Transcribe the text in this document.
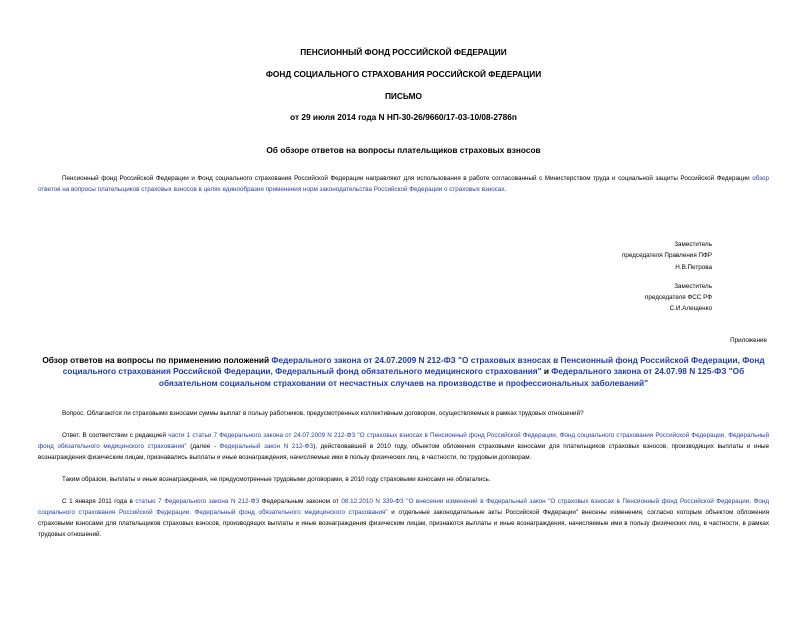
ПЕНСИОННЫЙ ФОНД РОССИЙСКОЙ ФЕДЕРАЦИИ
ФОНД СОЦИАЛЬНОГО СТРАХОВАНИЯ РОССИЙСКОЙ ФЕДЕРАЦИИ
ПИСЬМО
от 29 июля 2014 года N НП-30-26/9660/17-03-10/08-2786п
Об обзоре ответов на вопросы плательщиков страховых взносов

Пенсионный фонд Российской Федерации и Фонд социального страхования Российской Федерации направляют для использования в работе согласованный с Министерством труда и социальной защиты Российской Федерации обзор ответов на вопросы плательщиков страховых взносов в целях единообразия применения норм законодательства Российской Федерации о страховых взносах.

Заместитель
председателя Правления ПФР
Н.В.Петрова
Заместитель
председателя ФСС РФ
С.И.Алещенко
Приложение
Обзор ответов на вопросы по применению положений Федерального закона от 24.07.2009 N 212-ФЗ "О страховых взносах в Пенсионный фонд Российской Федерации, Фонд социального страхования Российской Федерации, Федеральный фонд обязательного медицинского страхования" и Федерального закона от 24.07.98 N 125-ФЗ "Об обязательном социальном страховании от несчастных случаев на производстве и профессиональных заболеваний"

Вопрос. Облагаются ли страховыми взносами суммы выплат в пользу работников, предусмотренных коллективным договором, осуществляемых в рамках трудовых отношений?

Ответ. В соответствии с редакцией части 1 статьи 7 Федерального закона от 24.07.2009 N 212-ФЗ "О страховых взносах в Пенсионный фонд Российской Федерации, Фонд социального страхования Российской Федерации, Федеральный фонд обязательного медицинского страхования" (далее - Федеральный закон N 212-ФЗ), действовавшей в 2010 году, объектом обложения страховыми взносами для плательщиков страховых взносов, производящих выплаты и иные вознаграждения физическим лицам, признавались выплаты и иные вознаграждения, начисляемые ими в пользу физических лиц, в частности, по трудовым договорам.

Таким образом, выплаты и иные вознаграждения, не предусмотренные трудовыми договорами, в 2010 году страховыми взносами не облагались.

С 1 января 2011 года в статью 7 Федерального закона N 212-ФЗ Федеральным законом от 08.12.2010 N 339-ФЗ "О внесении изменений в Федеральный закон "О страховых взносах в Пенсионный фонд Российской Федерации, Фонд социального страхования Российской Федерации, Федеральный фонд обязательного медицинского страхования" и отдельные законодательные акты Российской Федерации" внесены изменения, согласно которым объектом обложения страховыми взносами для плательщиков страховых взносов, производящих выплаты и иные вознаграждения физическим лицам, признаются выплаты и иные вознаграждения, начисляемые ими в пользу физических лиц, в частности, в рамках трудовых отношений.
